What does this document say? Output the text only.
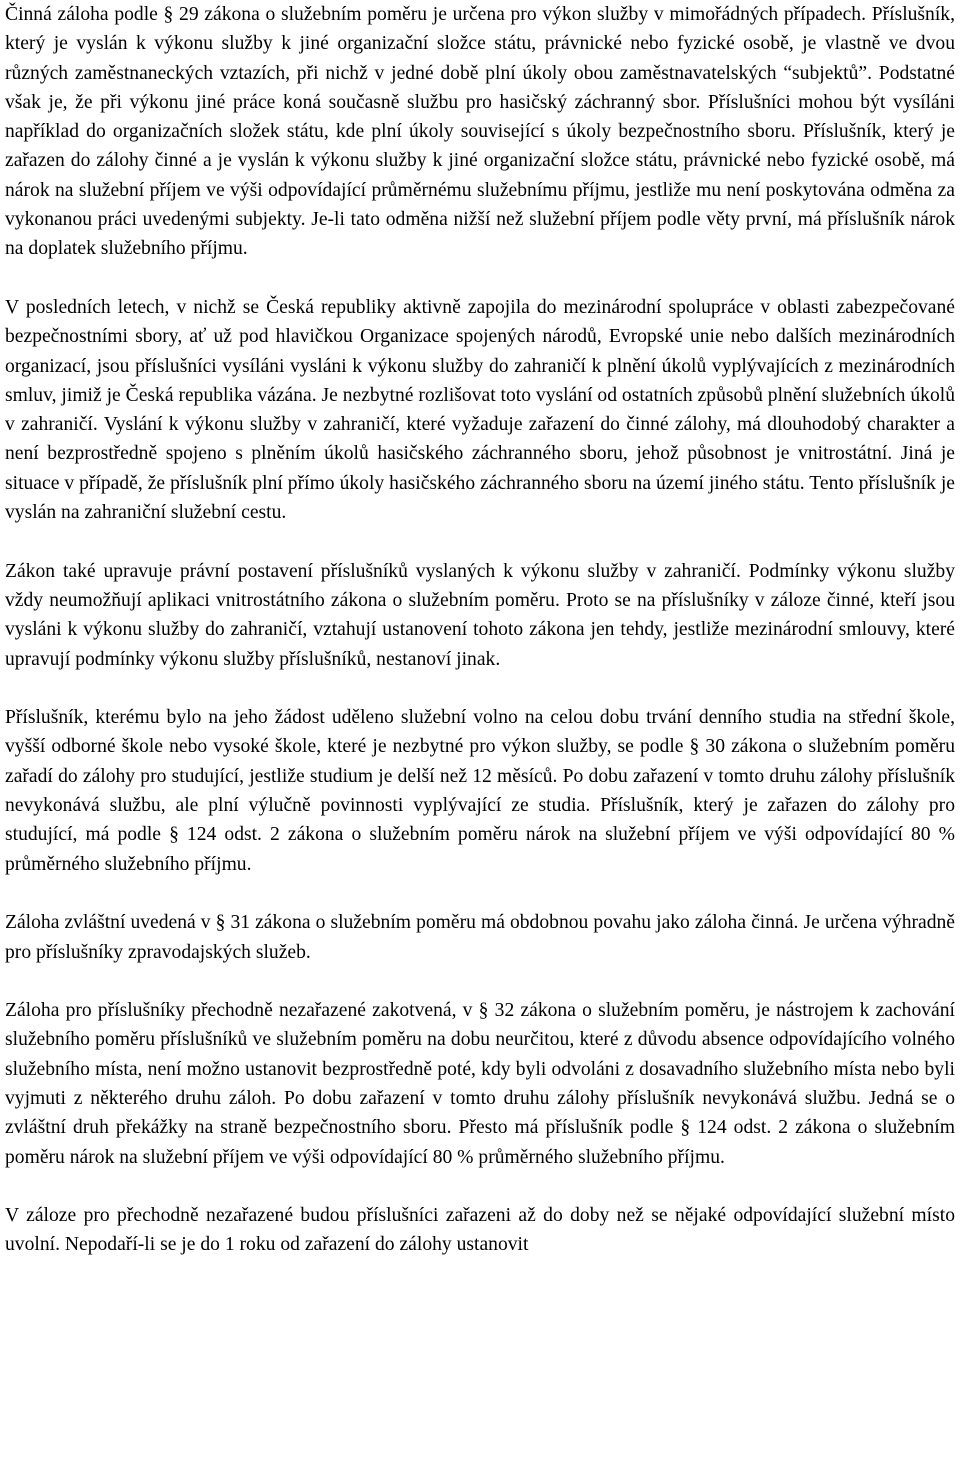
Činná záloha podle § 29 zákona o služebním poměru je určena pro výkon služby v mimořádných případech. Příslušník, který je vyslán k výkonu služby k jiné organizační složce státu, právnické nebo fyzické osobě, je vlastně ve dvou různých zaměstnaneckých vztazích, při nichž v jedné době plní úkoly obou zaměstnavatelských “subjektů”. Podstatné však je, že při výkonu jiné práce koná současně službu pro hasičský záchranný sbor. Příslušníci mohou být vysíláni například do organizačních složek státu, kde plní úkoly související s úkoly bezpečnostního sboru. Příslušník, který je zařazen do zálohy činné a je vyslán k výkonu služby k jiné organizační složce státu, právnické nebo fyzické osobě, má nárok na služební příjem ve výši odpovídající průměrnému služebnímu příjmu, jestliže mu není poskytována odměna za vykonanou práci uvedenými subjekty. Je-li tato odměna nižší než služební příjem podle věty první, má příslušník nárok na doplatek služebního příjmu.

V posledních letech, v nichž se Česká republiky aktivně zapojila do mezinárodní spolupráce v oblasti zabezpečované bezpečnostními sbory, ať už pod hlavičkou Organizace spojených národů, Evropské unie nebo dalších mezinárodních organizací, jsou příslušníci vysíláni vysláni k výkonu služby do zahraničí k plnění úkolů vyplývajících z mezinárodních smluv, jimiž je Česká republika vázána. Je nezbytné rozlišovat toto vyslání od ostatních způsobů plnění služebních úkolů v zahraničí. Vyslání k výkonu služby v zahraničí, které vyžaduje zařazení do činné zálohy, má dlouhodobý charakter a není bezprostředně spojeno s plněním úkolů hasičského záchranného sboru, jehož působnost je vnitrostátní. Jiná je situace v případě, že příslušník plní přímo úkoly hasičského záchranného sboru na území jiného státu. Tento příslušník je vyslán na zahraniční služební cestu.

Zákon také upravuje právní postavení příslušníků vyslaných k výkonu služby v zahraničí. Podmínky výkonu služby vždy neumožňují aplikaci vnitrostátního zákona o služebním poměru. Proto se na příslušníky v záloze činné, kteří jsou vysláni k výkonu služby do zahraničí, vztahují ustanovení tohoto zákona jen tehdy, jestliže mezinárodní smlouvy, které upravují podmínky výkonu služby příslušníků, nestanoví jinak.

Příslušník, kterému bylo na jeho žádost uděleno služební volno na celou dobu trvání denního studia na střední škole, vyšší odborné škole nebo vysoké škole, které je nezbytné pro výkon služby, se podle § 30 zákona o služebním poměru zařadí do zálohy pro studující, jestliže studium je delší než 12 měsíců. Po dobu zařazení v tomto druhu zálohy příslušník nevykonává službu, ale plní výlučně povinnosti vyplývající ze studia. Příslušník, který je zařazen do zálohy pro studující, má podle § 124 odst. 2 zákona o služebním poměru nárok na služební příjem ve výši odpovídající 80 % průměrného služebního příjmu.

Záloha zvláštní uvedená v § 31 zákona o služebním poměru má obdobnou povahu jako záloha činná. Je určena výhradně pro příslušníky zpravodajských služeb.

Záloha pro příslušníky přechodně nezařazené zakotvená, v § 32 zákona o služebním poměru, je nástrojem k zachování služebního poměru příslušníků ve služebním poměru na dobu neurčitou, které z důvodu absence odpovídajícího volného služebního místa, není možno ustanovit bezprostředně poté, kdy byli odvoláni z dosavadního služebního místa nebo byli vyjmuti z některého druhu záloh. Po dobu zařazení v tomto druhu zálohy příslušník nevykonává službu. Jedná se o zvláštní druh překážky na straně bezpečnostního sboru. Přesto má příslušník podle § 124 odst. 2 zákona o služebním poměru nárok na služební příjem ve výši odpovídající 80 % průměrného služebního příjmu.

V záloze pro přechodně nezařazené budou příslušníci zařazeni až do doby než se nějaké odpovídající služební místo uvolní. Nepodaří-li se je do 1 roku od zařazení do zálohy ustanovit
